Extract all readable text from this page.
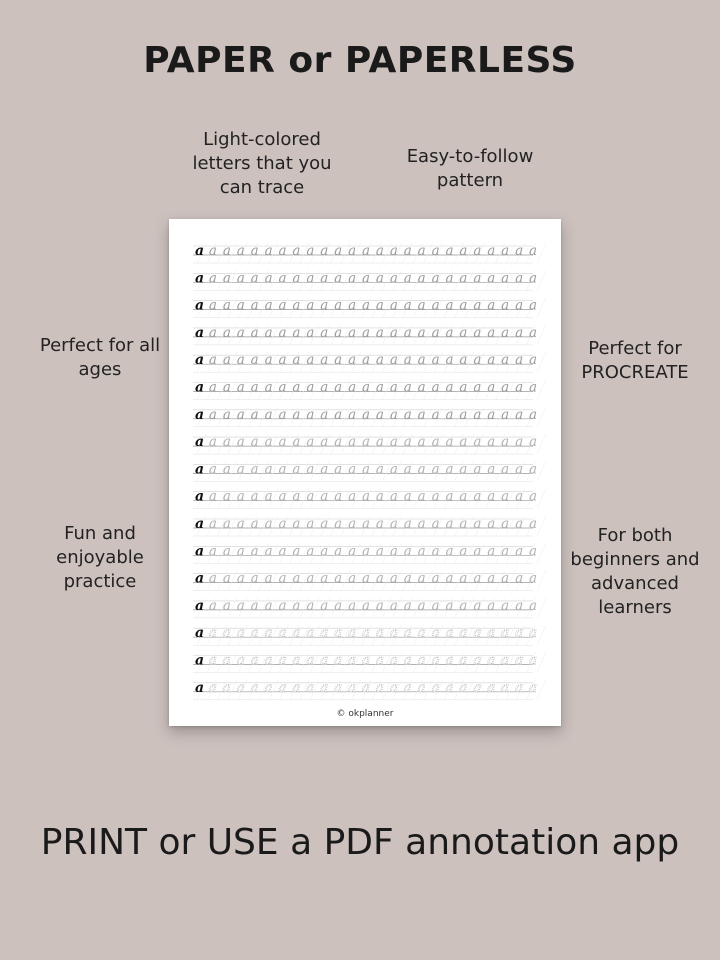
PAPER or PAPERLESS
Light-colored letters that you can trace
Easy-to-follow pattern
Perfect for all ages
Perfect for PROCREATE
Fun and enjoyable practice
For both beginners and advanced learners
a a a a a a a a a a a a a a a a a a a a a a a a a
a a a a a a a a a a a a a a a a a a a a a a a a a
a a a a a a a a a a a a a a a a a a a a a a a a a
a a a a a a a a a a a a a a a a a a a a a a a a a
a a a a a a a a a a a a a a a a a a a a a a a a a
a a a a a a a a a a a a a a a a a a a a a a a a a
a a a a a a a a a a a a a a a a a a a a a a a a a
a a a a a a a a a a a a a a a a a a a a a a a a a
a a a a a a a a a a a a a a a a a a a a a a a a a
a a a a a a a a a a a a a a a a a a a a a a a a a
a a a a a a a a a a a a a a a a a a a a a a a a a
a a a a a a a a a a a a a a a a a a a a a a a a a
a a a a a a a a a a a a a a a a a a a a a a a a a
a a a a a a a a a a a a a a a a a a a a a a a a a
a a a a a a a a a a a a a a a a a a a a a a a a a
a a a a a a a a a a a a a a a a a a a a a a a a a
a a a a a a a a a a a a a a a a a a a a a a a a a
© okplanner
PRINT or USE a PDF annotation app
